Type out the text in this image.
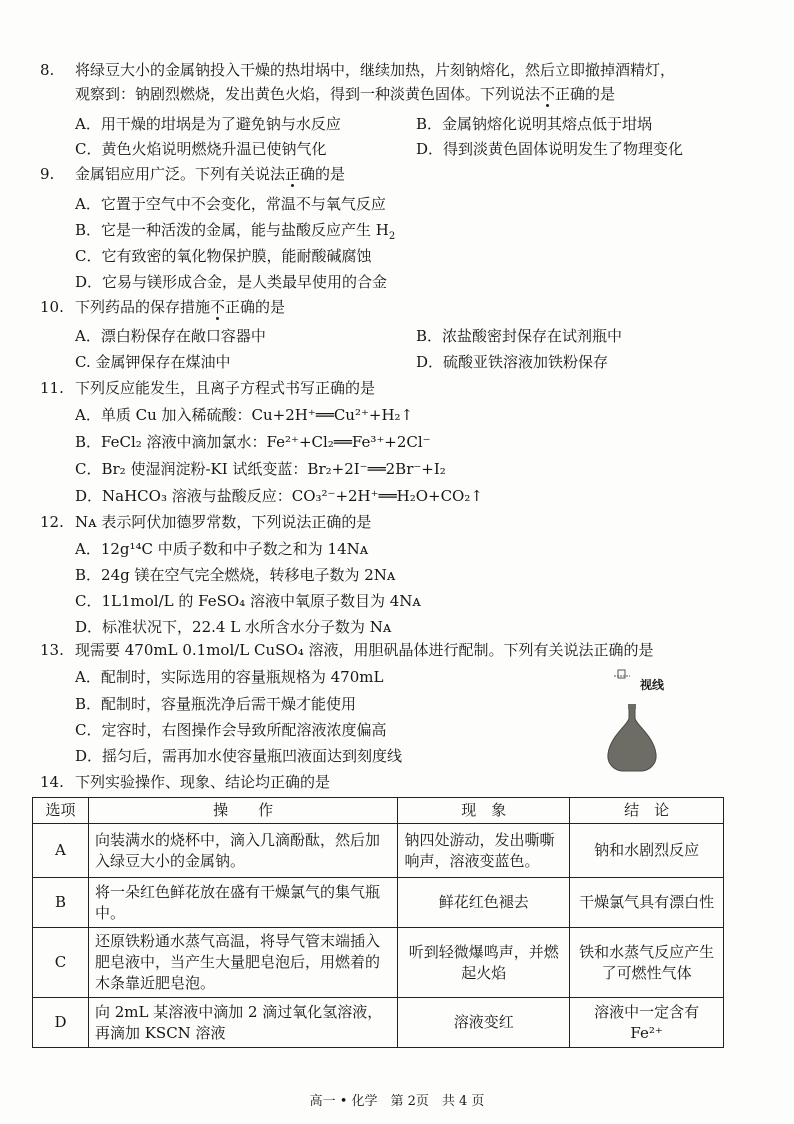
8. 将绿豆大小的金属钠投入干燥的热坩埚中，继续加热，片刻钠熔化，然后立即撤掉酒精灯，
观察到：钠剧烈燃烧，发出黄色火焰，得到一种淡黄色固体。下列说法不正确的是
A．用干燥的坩埚是为了避免钠与水反应	B．金属钠熔化说明其熔点低于坩埚
C．黄色火焰说明燃烧升温已使钠气化	D．得到淡黄色固体说明发生了物理变化
9. 金属铝应用广泛。下列有关说法正确的是
A．它置于空气中不会变化，常温不与氧气反应
B．它是一种活泼的金属，能与盐酸反应产生 $H_2$
C．它有致密的氧化物保护膜，能耐酸碱腐蚀
D．它易与镁形成合金，是人类最早使用的合金
10. 下列药品的保存措施不正确的是
A．漂白粉保存在敞口容器中	B．浓盐酸密封保存在试剂瓶中
C. 金属钾保存在煤油中	D．硫酸亚铁溶液加铁粉保存
11. 下列反应能发生，且离子方程式书写正确的是
A．单质 Cu 加入稀硫酸：Cu+2H⁺══Cu²⁺+H₂↑
B．FeCl₂ 溶液中滴加氯水：Fe²⁺+Cl₂══Fe³⁺+2Cl⁻
C．Br₂ 使湿润淀粉-KI 试纸变蓝：Br₂+2I⁻══2Br⁻+I₂
D．NaHCO₃ 溶液与盐酸反应：CO₃²⁻+2H⁺══H₂O+CO₂↑
12. Nᴀ 表示阿伏加德罗常数，下列说法正确的是
A．12g¹⁴C 中质子数和中子数之和为 14Nᴀ
B．24g 镁在空气完全燃烧，转移电子数为 2Nᴀ
C．1L1mol/L 的 FeSO₄ 溶液中氧原子数目为 4Nᴀ
D．标准状况下，22.4 L 水所含水分子数为 Nᴀ
13. 现需要 470mL 0.1mol/L CuSO₄ 溶液，用胆矾晶体进行配制。下列有关说法正确的是
A．配制时，实际选用的容量瓶规格为 470mL
B．配制时，容量瓶洗净后需干燥才能使用
C．定容时，右图操作会导致所配溶液浓度偏高
D．摇匀后，需再加水使容量瓶凹液面达到刻度线
视线
14. 下列实验操作、现象、结论均正确的是
选项	操　　作	现　象	结　论
A	向装满水的烧杯中，滴入几滴酚酞，然后加入绿豆大小的金属钠。	钠四处游动，发出嘶嘶响声，溶液变蓝色。	钠和水剧烈反应
B	将一朵红色鲜花放在盛有干燥氯气的集气瓶中。	鲜花红色褪去	干燥氯气具有漂白性
C	还原铁粉通水蒸气高温，将导气管末端插入肥皂液中，当产生大量肥皂泡后，用燃着的木条靠近肥皂泡。	听到轻微爆鸣声，并燃起火焰	铁和水蒸气反应产生了可燃性气体
D	向 2mL 某溶液中滴加 2 滴过氧化氢溶液，再滴加 KSCN 溶液	溶液变红	溶液中一定含有 Fe²⁺
高一 • 化学　第 2页　共 4 页
